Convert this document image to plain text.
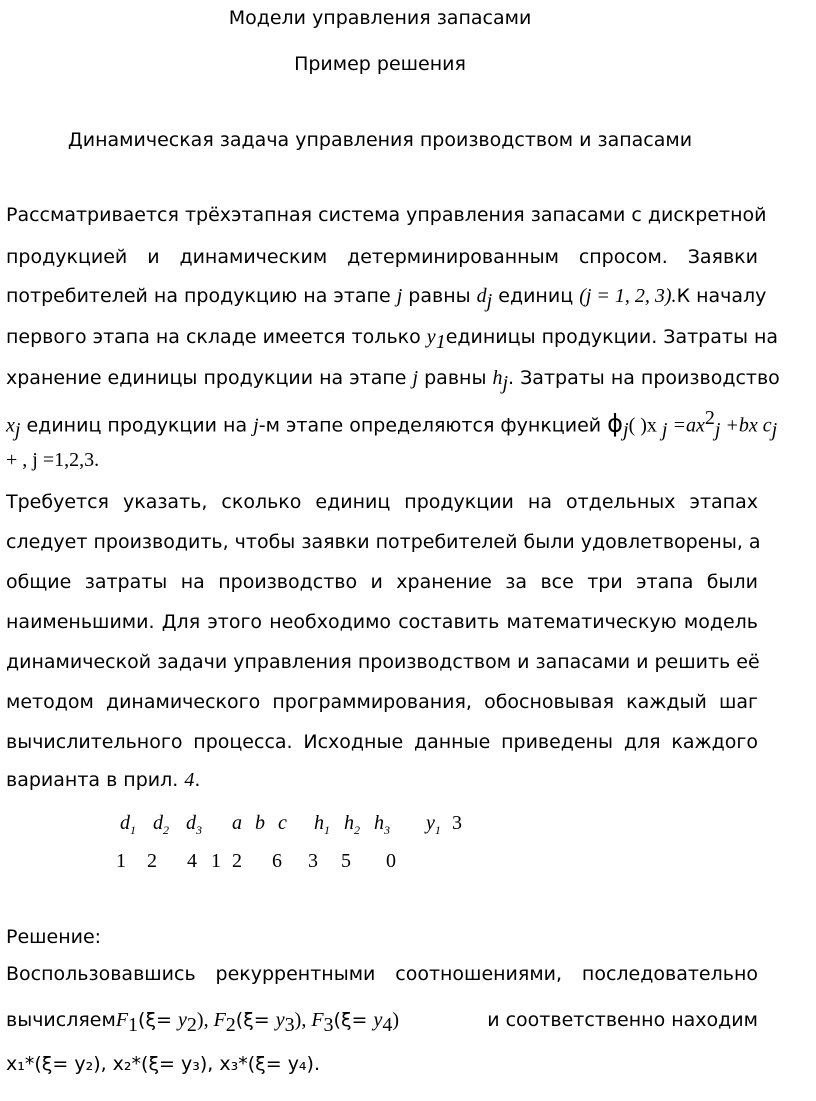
Модели управления запасами
Пример решения
Динамическая задача управления производством и запасами
Рассматривается трёхэтапная система управления запасами с дискретной
продукцией и динамическим детерминированным спросом. Заявки
потребителей на продукцию на этапе j равны $d_j$ единиц (j = 1, 2, 3). К началу
первого этапа на складе имеется только $y_1$ единицы продукции. Затраты на
хранение единицы продукции на этапе j равны $h_j$ . Затраты на производство
$x_j$ единиц продукции на j-м этапе определяются функцией $\phi_j$( )x $_j =ax^2_j +bx$ $c_j$
+ , j =1,2,3.
Требуется указать, сколько единиц продукции на отдельных этапах
следует производить, чтобы заявки потребителей были удовлетворены, а
общие затраты на производство и хранение за все три этапа были
наименьшими. Для этого необходимо составить математическую модель
динамической задачи управления производством и запасами и решить её
методом динамического программирования, обосновывая каждый шаг
вычислительного процесса. Исходные данные приведены для каждого
варианта в прил. 4.
$d_1$ $d_2$ $d_3$ a b c $h_1$ $h_2$ $h_3$ $y_1$ 3
1 2 4 1 2 6 3 5 0
Решение:
Воспользовавшись рекуррентными соотношениями, последовательно
вычисляемF$_1$(ξ= $y_2$), $F_2(\xi= y_3)$, $F_3(\xi= y_4)$	и соответственно находим
x₁*(ξ= y₂), x₂*(ξ= y₃), x₃*(ξ= y₄).
